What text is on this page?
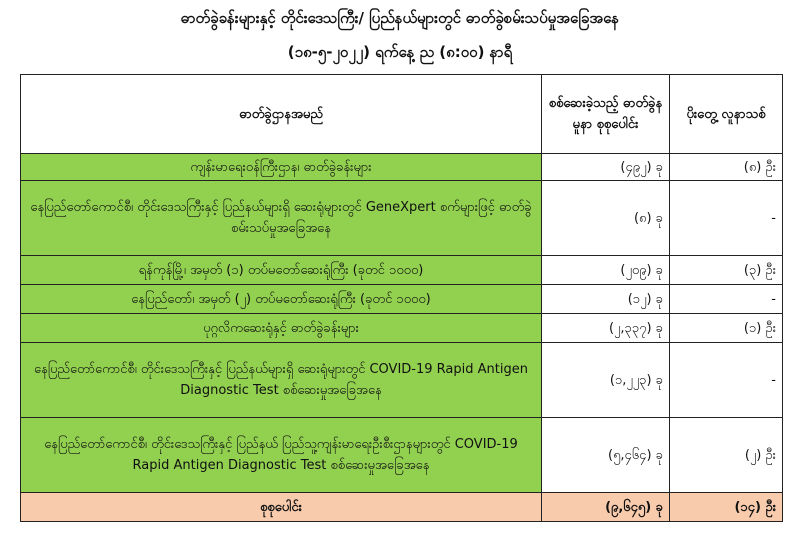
ဓာတ်ခွဲခန်းများနှင့် တိုင်းဒေသကြီး/ ပြည်နယ်များတွင် ဓာတ်ခွဲစမ်းသပ်မှုအခြေအနေ
(၁၈-၅-၂၀၂၂) ရက်နေ့ ည (၈:၀၀) နာရီ
ဓာတ်ခွဲဌာနအမည်	စစ်ဆေးခဲ့သည့် ဓာတ်ခွဲနမူနာ စုစုပေါင်း	ပိုးတွေ့ လူနာသစ်
ကျန်းမာရေးဝန်ကြီးဌာန၊ ဓာတ်ခွဲခန်းများ	(၄၉၂) ခု	(၈) ဦး
နေပြည်တော်ကောင်စီ၊ တိုင်းဒေသကြီးနှင့် ပြည်နယ်များရှိ ဆေးရုံများတွင် GeneXpert စက်များဖြင့် ဓာတ်ခွဲစမ်းသပ်မှုအခြေအနေ	(၈) ခု	-
ရန်ကုန်မြို့၊ အမှတ် (၁) တပ်မတော်ဆေးရုံကြီး (ခုတင် ၁၀၀၀)	(၂၀၉) ခု	(၃) ဦး
နေပြည်တော်၊ အမှတ် (၂) တပ်မတော်ဆေးရုံကြီး (ခုတင် ၁၀၀၀)	(၁၂) ခု	-
ပုဂ္ဂလိကဆေးရုံနှင့် ဓာတ်ခွဲခန်းများ	(၂,၃၃၇) ခု	(၁) ဦး
နေပြည်တော်ကောင်စီ၊ တိုင်းဒေသကြီးနှင့် ပြည်နယ်များရှိ ဆေးရုံများတွင် COVID-19 Rapid Antigen Diagnostic Test စစ်ဆေးမှုအခြေအနေ	(၁,၂၂၃) ခု	-
နေပြည်တော်ကောင်စီ၊ တိုင်းဒေသကြီးနှင့် ပြည်နယ် ပြည်သူ့ကျန်းမာရေးဦးစီးဌာနများတွင် COVID-19 Rapid Antigen Diagnostic Test စစ်ဆေးမှုအခြေအနေ	(၅,၄၆၄) ခု	(၂) ဦး
စုစုပေါင်း	(၉,၆၄၅) ခု	(၁၄) ဦး
